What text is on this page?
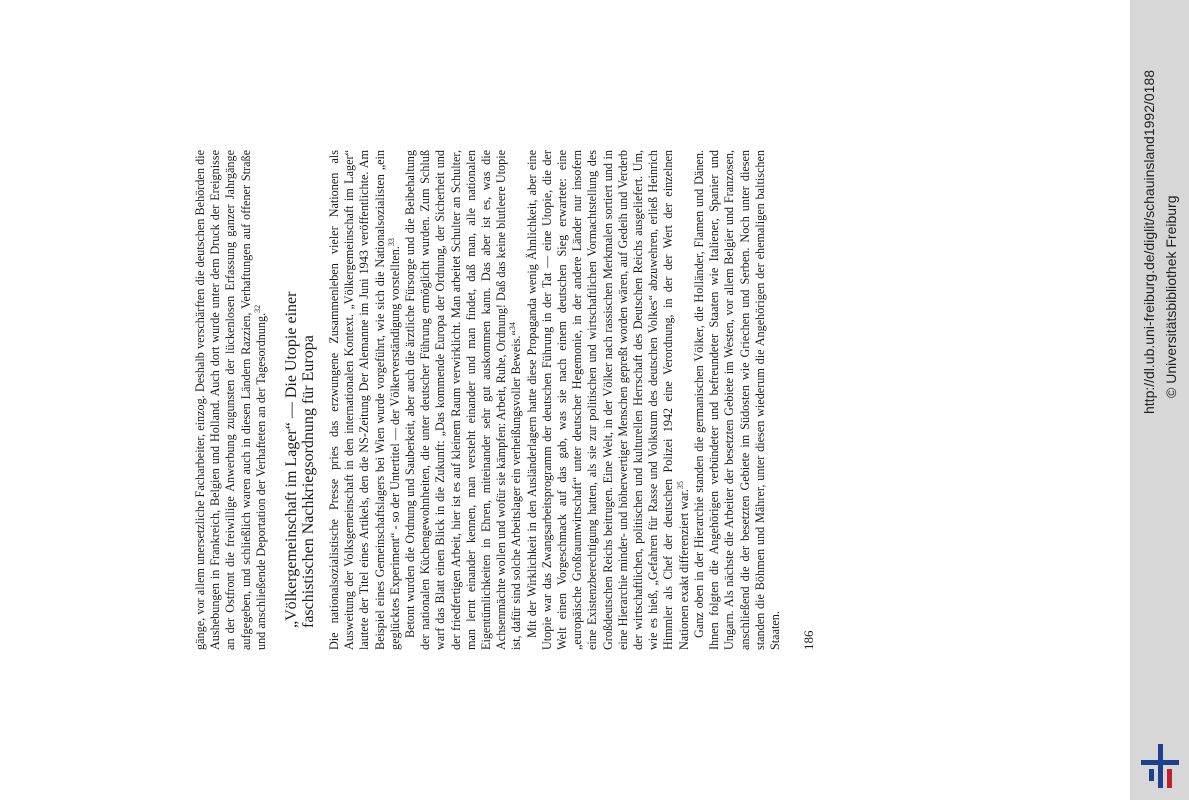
gänge, vor allem unersetzliche Facharbeiter, einzog. Deshalb verschärften die deutschen Behörden die Aushebungen in Frankreich, Belgien und Holland. Auch dort wurde unter dem Druck der Ereignisse an der Ostfront die freiwillige Anwerbung zugunsten der lückenlosen Erfassung ganzer Jahrgänge aufgegeben, und schließlich waren auch in diesen Ländern Razzien, Verhaftungen auf offener Straße und anschließende Deportation der Verhafteten an der Tagesordnung.$^{32}$	„Völkergemeinschaft im Lager“ — Die Utopie einer
faschistischen Nachkriegsordnung für Europa Die nationalsozialistische Presse pries das erzwungene Zusammenleben vieler Nationen als Ausweitung der Volksgemeinschaft in den internationalen Kontext. „Völkergemeinschaft im Lager“ lautete der Titel eines Artikels, den die NS-Zeitung Der Alemanne im Juni 1943 veröffentlichte. Am Beispiel eines Gemeinschaftslagers bei Wien wurde vorgeführt, wie sich die Nationalsozialisten „ein geglücktes Experiment“ - so der Untertitel — der Völkerverständigung vorstellten.$^{33}$ Betont wurden die Ordnung und Sauberkeit, aber auch die ärztliche Fürsorge und die Beibehaltung der nationalen Küchengewohnheiten, die unter deutscher Führung ermöglicht wurden. Zum Schluß warf das Blatt einen Blick in die Zukunft: „Das kommende Europa der Ordnung, der Sicherheit und der friedfertigen Arbeit, hier ist es auf kleinem Raum verwirklicht. Man arbeitet Schulter an Schulter, man lernt einander kennen, man versteht einander und man findet, daß man, alle nationalen Eigentümlichkeiten in Ehren, miteinander sehr gut auskommen kann. Das aber ist es, was die Achsenmächte wollen und wofür sie kämpfen: Arbeit, Ruhe, Ordnung! Daß das keine blutleere Utopie ist, dafür sind solche Arbeitslager ein verheißungsvoller Beweis.“$^{34}$ Mit der Wirklichkeit in den Ausländerlagern hatte diese Propaganda wenig Ähnlichkeit, aber eine Utopie war das Zwangsarbeitsprogramm der deutschen Führung in der Tat — eine Utopie, die der Welt einen Vorgeschmack auf das gab, was sie nach einem deutschen Sieg erwartete: eine „europäische Großraumwirtschaft“ unter deutscher Hegemonie, in der andere Länder nur insofern eine Existenzberechtigung hatten, als sie zur politischen und wirtschaftlichen Vormachtstellung des Großdeutschen Reichs beitrugen. Eine Welt, in der Völker nach rassischen Merkmalen sortiert und in eine Hierarchie minder- und höherwertiger Menschen gepreßt worden wären, auf Gedeih und Verderb der wirtschaftlichen, politischen und kulturellen Herrschaft des Deutschen Reichs ausgeliefert. Um, wie es hieß, „Gefahren für Rasse und Volkstum des deutschen Volkes“ abzuwehren, erließ Heinrich Himmler als Chef der deutschen Polizei 1942 eine Verordnung, in der der Wert der einzelnen Nationen exakt differenziert war.$^{35}$ Ganz oben in der Hierarchie standen die germanischen Völker, die Holländer, Flamen und Dänen. Ihnen folgten die Angehörigen verbündeter und befreundeter Staaten wie Italiener, Spanier und Ungarn. Als nächste die Arbeiter der besetzten Gebiete im Westen, vor allem Belgier und Franzosen, anschließend die der besetzten Gebiete im Südosten wie Griechen und Serben. Noch unter diesen standen die Böhmen und Mährer, unter diesen wiederum die Angehörigen der ehemaligen baltischen Staaten. 186
http://dl.ub.uni-freiburg.de/diglit/schauinsland1992/0188 © Universitätsbibliothek Freiburg
